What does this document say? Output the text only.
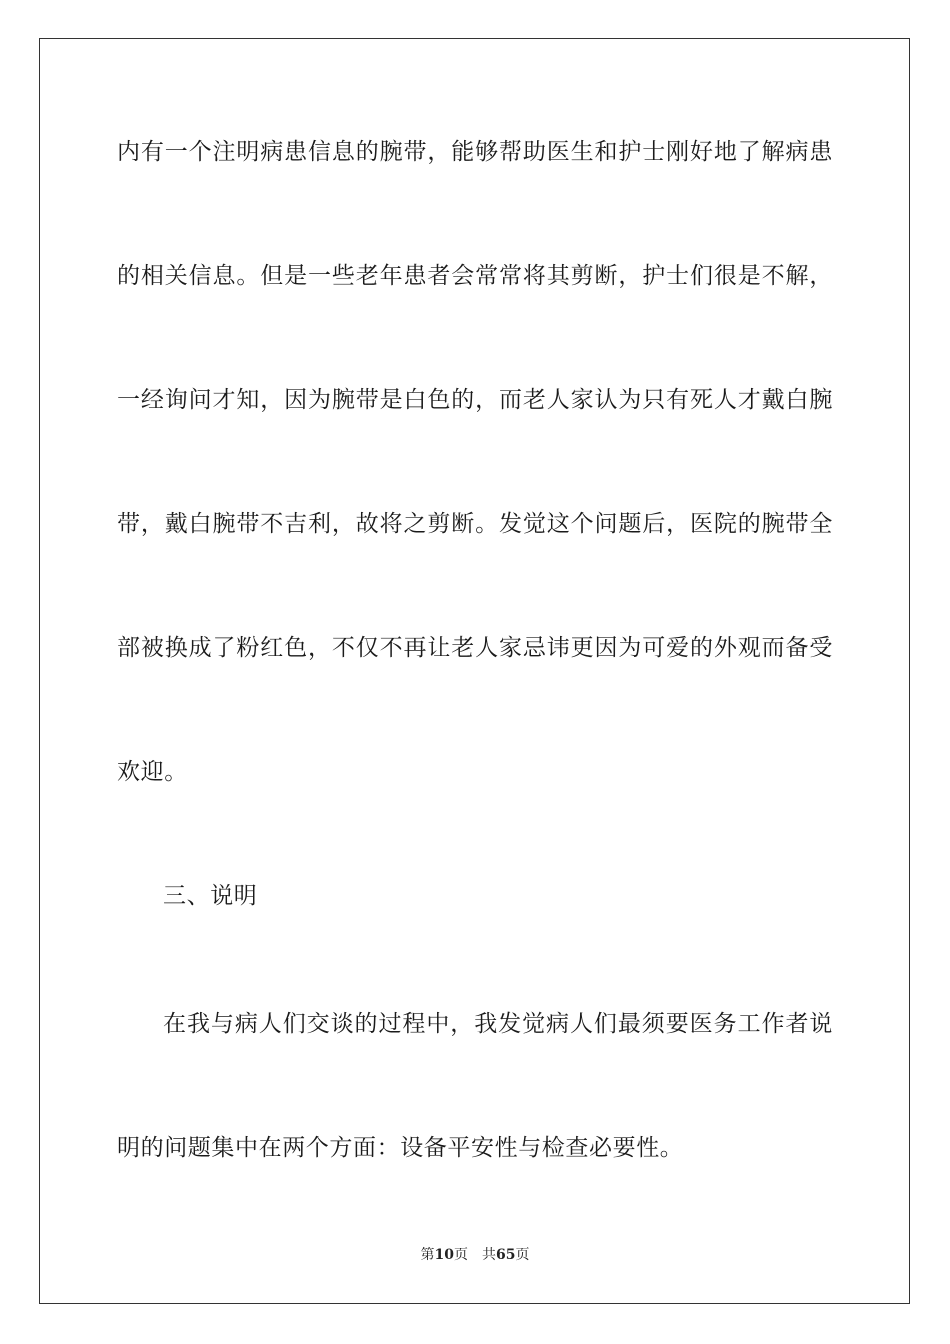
内有一个注明病患信息的腕带，能够帮助医生和护士刚好地了解病患
的相关信息。但是一些老年患者会常常将其剪断，护士们很是不解，
一经询问才知，因为腕带是白色的，而老人家认为只有死人才戴白腕
带，戴白腕带不吉利，故将之剪断。发觉这个问题后，医院的腕带全
部被换成了粉红色，不仅不再让老人家忌讳更因为可爱的外观而备受
欢迎。
三、说明
在我与病人们交谈的过程中，我发觉病人们最须要医务工作者说
明的问题集中在两个方面：设备平安性与检查必要性。
第10页 共65页
